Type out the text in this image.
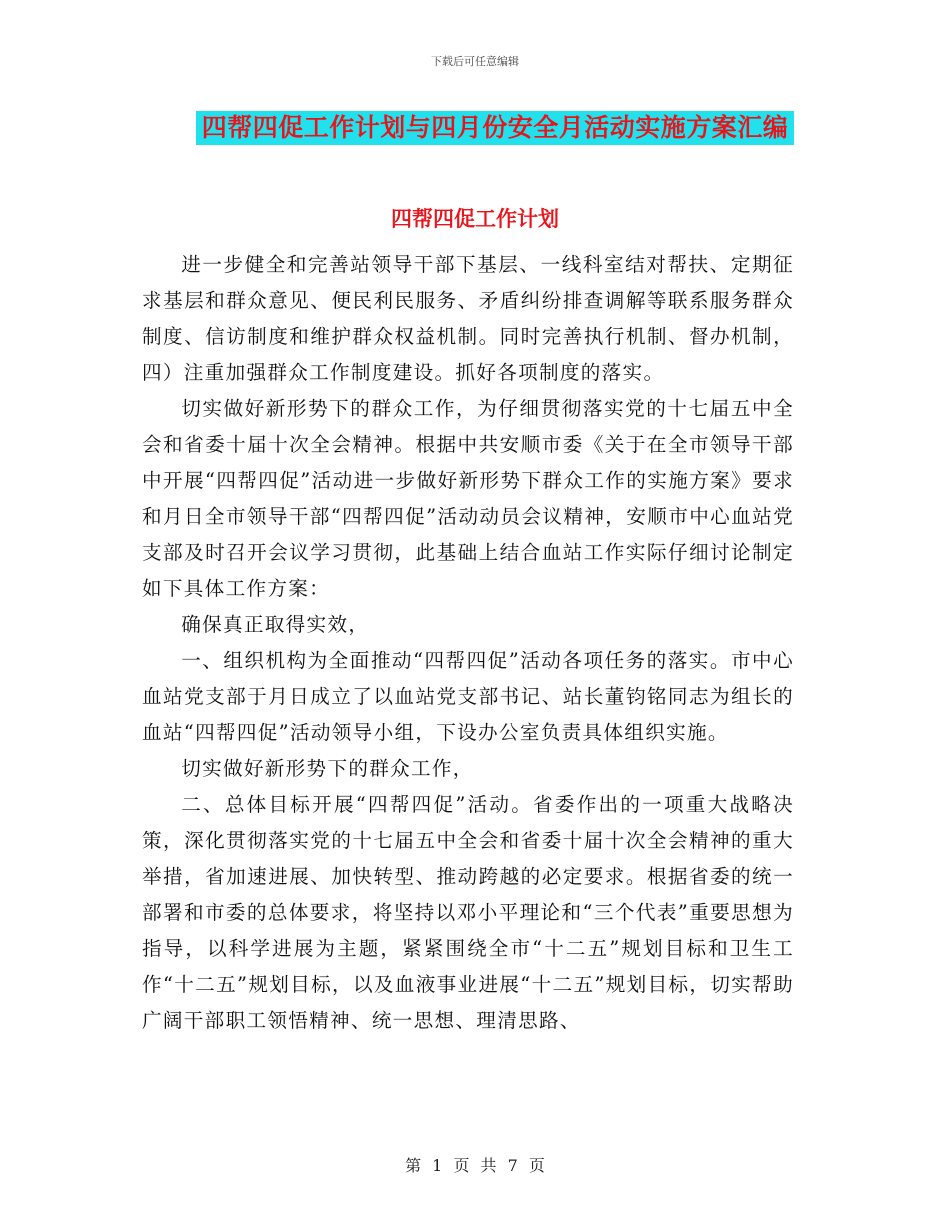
下载后可任意编辑
四帮四促工作计划与四月份安全月活动实施方案汇编
四帮四促工作计划

进一步健全和完善站领导干部下基层、一线科室结对帮扶、定期征求基层和群众意见、便民利民服务、矛盾纠纷排查调解等联系服务群众制度、信访制度和维护群众权益机制。同时完善执行机制、督办机制，四）注重加强群众工作制度建设。抓好各项制度的落实。

切实做好新形势下的群众工作，为仔细贯彻落实党的十七届五中全会和省委十届十次全会精神。根据中共安顺市委《关于在全市领导干部中开展“四帮四促”活动进一步做好新形势下群众工作的实施方案》要求和月日全市领导干部“四帮四促”活动动员会议精神，安顺市中心血站党支部及时召开会议学习贯彻，此基础上结合血站工作实际仔细讨论制定如下具体工作方案：

确保真正取得实效，

一、组织机构为全面推动“四帮四促”活动各项任务的落实。市中心血站党支部于月日成立了以血站党支部书记、站长董钧铭同志为组长的血站“四帮四促”活动领导小组，下设办公室负责具体组织实施。

切实做好新形势下的群众工作，

二、总体目标开展“四帮四促”活动。省委作出的一项重大战略决策，深化贯彻落实党的十七届五中全会和省委十届十次全会精神的重大举措，省加速进展、加快转型、推动跨越的必定要求。根据省委的统一部署和市委的总体要求，将坚持以邓小平理论和“三个代表”重要思想为指导，以科学进展为主题，紧紧围绕全市“十二五”规划目标和卫生工作“十二五”规划目标，以及血液事业进展“十二五”规划目标，切实帮助广阔干部职工领悟精神、统一思想、理清思路、

第 1 页 共 7 页
